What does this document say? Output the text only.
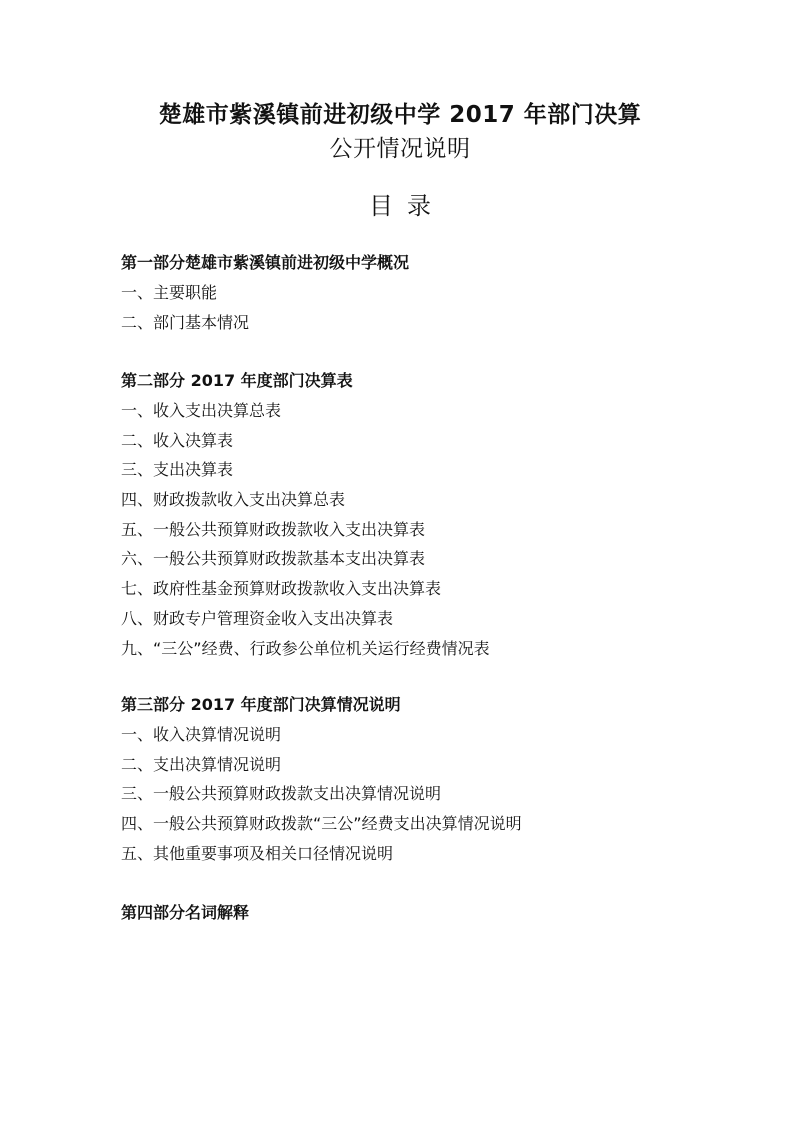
楚雄市紫溪镇前进初级中学 2017 年部门决算
公开情况说明
目录

第一部分楚雄市紫溪镇前进初级中学概况

一、主要职能

二、部门基本情况

第二部分 2017 年度部门决算表

一、收入支出决算总表

二、收入决算表

三、支出决算表

四、财政拨款收入支出决算总表

五、一般公共预算财政拨款收入支出决算表

六、一般公共预算财政拨款基本支出决算表

七、政府性基金预算财政拨款收入支出决算表

八、财政专户管理资金收入支出决算表

九、“三公”经费、行政参公单位机关运行经费情况表

第三部分 2017 年度部门决算情况说明

一、收入决算情况说明

二、支出决算情况说明

三、一般公共预算财政拨款支出决算情况说明

四、一般公共预算财政拨款“三公”经费支出决算情况说明

五、其他重要事项及相关口径情况说明

第四部分名词解释
